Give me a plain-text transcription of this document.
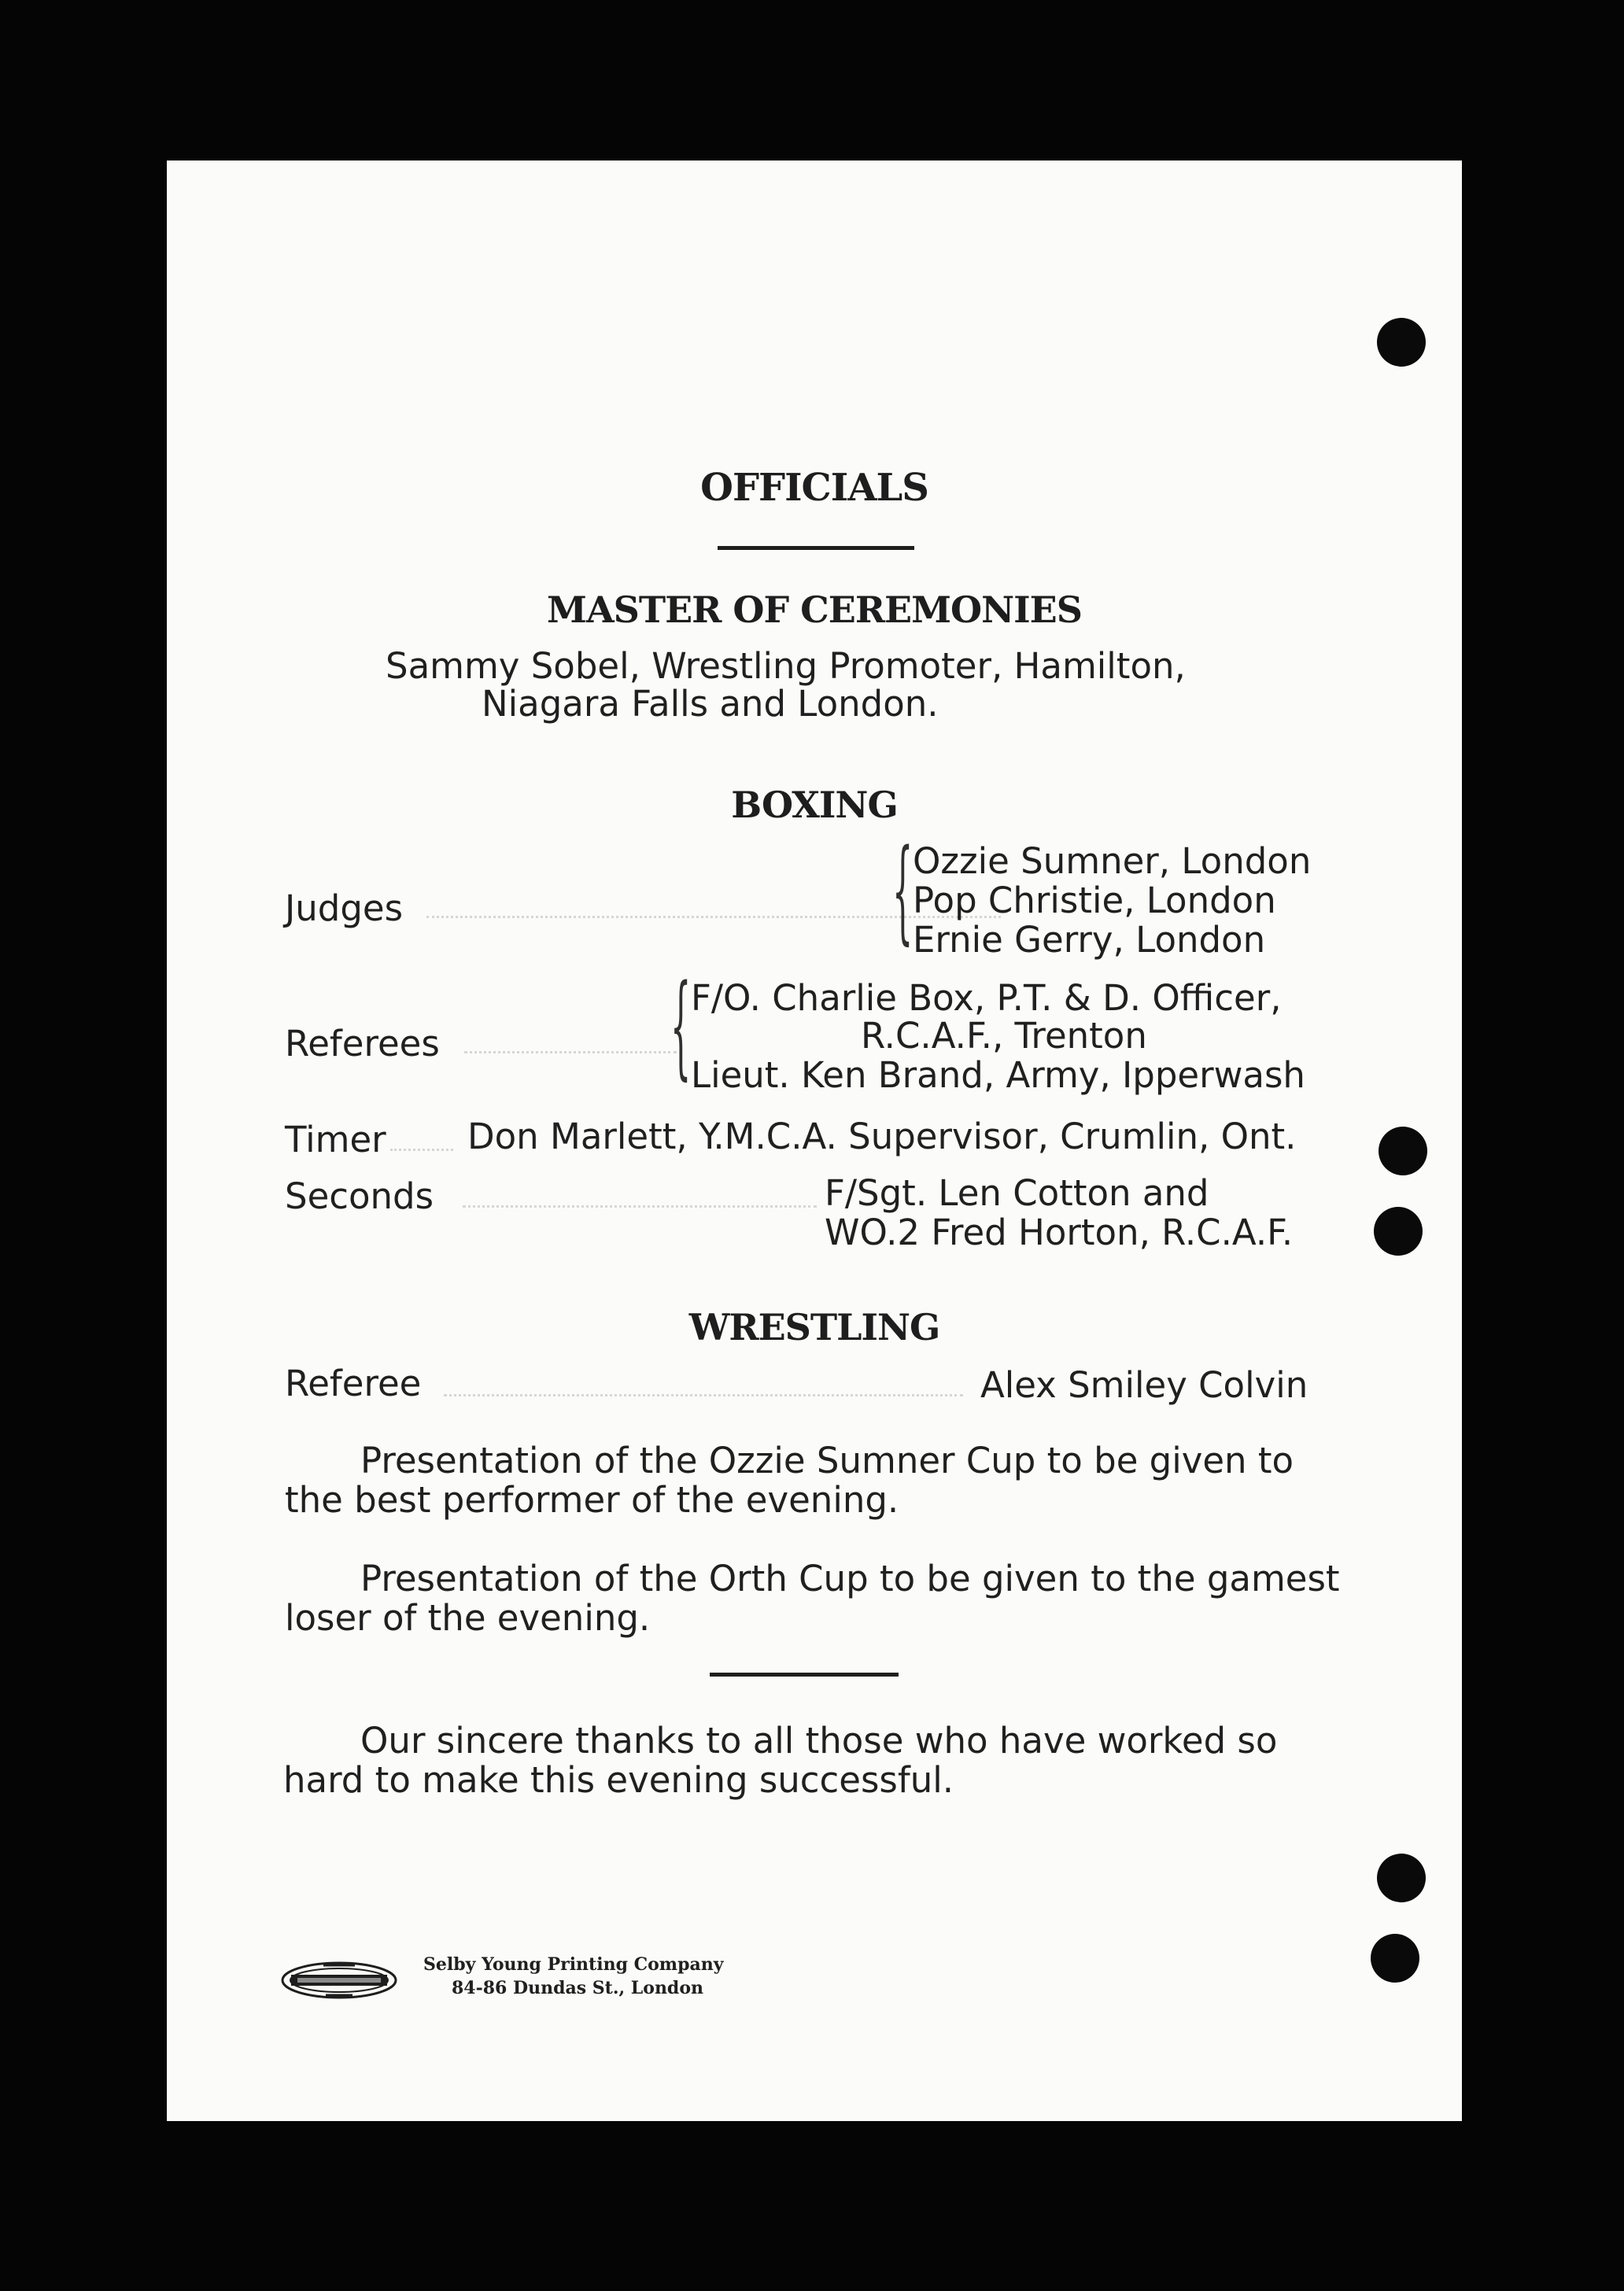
OFFICIALS
MASTER OF CEREMONIES
Sammy Sobel, Wrestling Promoter, Hamilton,
Niagara Falls and London.
BOXING
Judges	{ Ozzie Sumner, London
Pop Christie, London
Ernie Gerry, London
Referees	{ F/O. Charlie Box, P.T. & D. Officer,
R.C.A.F., Trenton
Lieut. Ken Brand, Army, Ipperwash
Timer Don Marlett, Y.M.C.A. Supervisor, Crumlin, Ont.
Seconds	F/Sgt. Len Cotton and
WO.2 Fred Horton, R.C.A.F.
WRESTLING
Referee	Alex Smiley Colvin
Presentation of the Ozzie Sumner Cup to be given to
the best performer of the evening.
Presentation of the Orth Cup to be given to the gamest
loser of the evening.
Our sincere thanks to all those who have worked so
hard to make this evening successful.
Selby Young Printing Company
84-86 Dundas St., London
